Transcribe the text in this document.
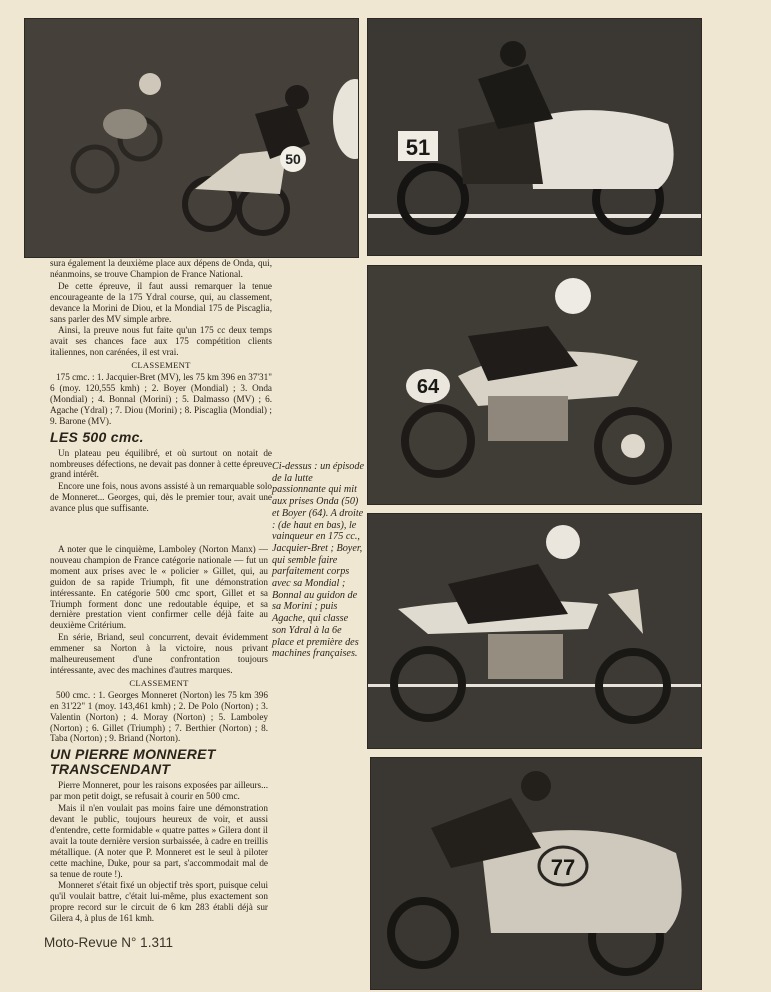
50	51
64
77

sura également la deuxième place aux dépens de Onda, qui, néanmoins, se trouve Champion de France National.

De cette épreuve, il faut aussi remarquer la tenue encourageante de la 175 Ydral course, qui, au classement, devance la Morini de Diou, et la Mondial 175 de Piscaglia, sans parler des MV simple arbre.

Ainsi, la preuve nous fut faite qu'un 175 cc deux temps avait ses chances face aux 175 compétition clients italiennes, non carénées, il est vrai.

CLASSEMENT

175 cmc. : 1. Jacquier-Bret (MV), les 75 km 396 en 37'31" 6 (moy. 120,555 kmh) ; 2. Boyer (Mondial) ; 3. Onda (Mondial) ; 4. Bonnal (Morini) ; 5. Dalmasso (MV) ; 6. Agache (Ydral) ; 7. Diou (Morini) ; 8. Piscaglia (Mondial) ; 9. Barone (MV).

LES 500 cmc.

Un plateau peu équilibré, et où surtout on notait de nombreuses défections, ne devait pas donner à cette épreuve grand intérêt.

Encore une fois, nous avons assisté à un remarquable solo de Monneret... Georges, qui, dès le premier tour, avait une avance plus que suffisante.

A noter que le cinquième, Lamboley (Norton Manx) — nouveau champion de France catégorie nationale — fut un moment aux prises avec le « policier » Gillet, qui, au guidon de sa rapide Triumph, fit une démonstration intéressante. En catégorie 500 cmc sport, Gillet et sa Triumph forment donc une redoutable équipe, et sa dernière prestation vient confirmer celle déjà faite au deuxième Critérium.

En série, Briand, seul concurrent, devait évidemment emmener sa Norton à la victoire, nous privant malheureusement d'une confrontation toujours intéressante, avec des machines d'autres marques.

CLASSEMENT

500 cmc. : 1. Georges Monneret (Norton) les 75 km 396 en 31'22" 1 (moy. 143,461 kmh) ; 2. De Polo (Norton) ; 3. Valentin (Norton) ; 4. Moray (Norton) ; 5. Lamboley (Norton) ; 6. Gillet (Triumph) ; 7. Berthier (Norton) ; 8. Taba (Norton) ; 9. Briand (Norton).

UN PIERRE MONNERET
TRANSCENDANT

Pierre Monneret, pour les raisons exposées par ailleurs... par mon petit doigt, se refusait à courir en 500 cmc.

Mais il n'en voulait pas moins faire une démonstration devant le public, toujours heureux de voir, et aussi d'entendre, cette formidable « quatre pattes » Gilera dont il avait la toute dernière version surbaissée, à cadre en treillis métallique. (A noter que P. Monneret est le seul à piloter cette machine, Duke, pour sa part, s'accommodait mal de sa tenue de route !).

Monneret s'était fixé un objectif très sport, puisque celui qu'il voulait battre, c'était lui-même, plus exactement son propre record sur le circuit de 6 km 283 établi déjà sur Gilera 4, à plus de 161 kmh.

Ci-dessus : un épisode de la lutte passionnante qui mit aux prises Onda (50) et Boyer (64). A droite : (de haut en bas), le vainqueur en 175 cc., Jacquier-Bret ; Boyer, qui semble faire parfaitement corps avec sa Mondial ; Bonnal au guidon de sa Morini ; puis Agache, qui classe son Ydral à la 6e place et première des machines françaises.

Moto-Revue N° 1.311
